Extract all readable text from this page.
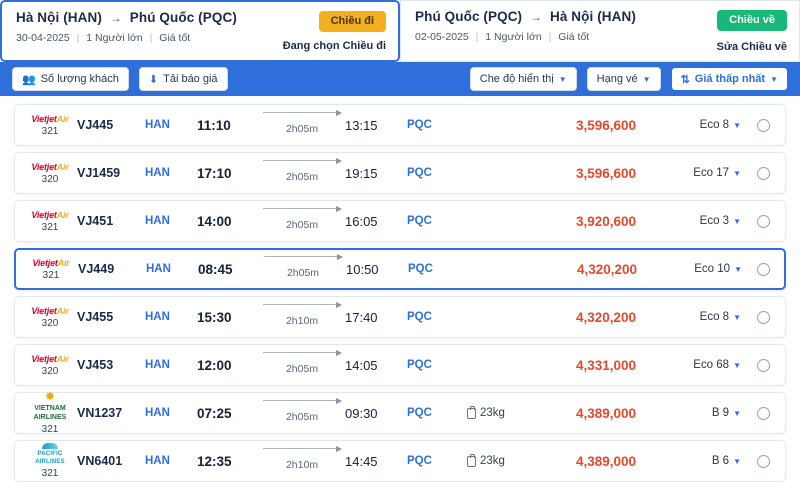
Hà Nội (HAN) → Phú Quốc (PQC)
30-04-2025 | 1 Người lớn | Giá tốt
Chiều đi
Đang chọn Chiều đi
Phú Quốc (PQC) → Hà Nội (HAN)
02-05-2025 | 1 Người lớn | Giá tốt
Chiều về
Sửa Chiều về
👥 Số lượng khách	⬇ Tải báo giá	Che độ hiển thị ▼	Hạng vé ▼	⇅ Giá thấp nhất ▼
VietjetAir
321	VJ445	HAN	11:10	2h05m	13:15	PQC	3,596,600	Eco 8 ▼
VietjetAir
320	VJ1459	HAN	17:10	2h05m	19:15	PQC	3,596,600	Eco 17 ▼
VietjetAir
321	VJ451	HAN	14:00	2h05m	16:05	PQC	3,920,600	Eco 3 ▼
VietjetAir
321	VJ449	HAN	08:45	2h05m	10:50	PQC	4,320,200	Eco 10 ▼
VietjetAir
320	VJ455	HAN	15:30	2h10m	17:40	PQC	4,320,200	Eco 8 ▼
VietjetAir
320	VJ453	HAN	12:00	2h05m	14:05	PQC	4,331,000	Eco 68 ▼
✸
VIETNAM AIRLINES
321
VN1237	HAN	07:25	2h05m	09:30	PQC	23kg	4,389,000	B 9 ▼
PACIFIC AIRLINES
321
VN6401	HAN	12:35	2h10m	14:45	PQC	23kg	4,389,000	B 6 ▼
